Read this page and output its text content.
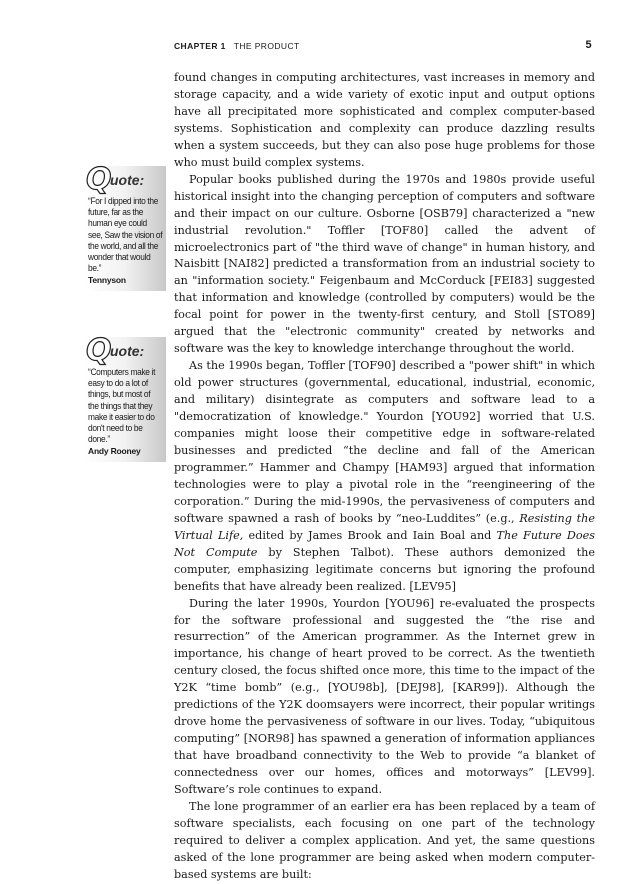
CHAPTER 1 THE PRODUCT	5
Q
uote:
“For I dipped into the future, far as the human eye could see, Saw the vision of the world, and all the wonder that would be.”
Tennyson
Q
uote:
“Computers make it easy to do a lot of things, but most of the things that they make it easier to do don't need to be done.”
Andy Rooney

found changes in computing architectures, vast increases in memory and storage capacity, and a wide variety of exotic input and output options have all precipitated more sophisticated and complex computer-based systems. Sophistication and complexity can produce dazzling results when a system succeeds, but they can also pose huge problems for those who must build complex systems.

Popular books published during the 1970s and 1980s provide useful historical insight into the changing perception of computers and software and their impact on our culture. Osborne [OSB79] characterized a "new industrial revolution." Toffler [TOF80] called the advent of microelectronics part of "the third wave of change" in human history, and Naisbitt [NAI82] predicted a transformation from an industrial society to an "information society." Feigenbaum and McCorduck [FEI83] suggested that information and knowledge (controlled by computers) would be the focal point for power in the twenty-first century, and Stoll [STO89] argued that the "electronic community" created by networks and software was the key to knowledge interchange throughout the world.

As the 1990s began, Toffler [TOF90] described a "power shift" in which old power structures (governmental, educational, industrial, economic, and military) disintegrate as computers and software lead to a "democratization of knowledge." Yourdon [YOU92] worried that U.S. companies might loose their competitive edge in software-related businesses and predicted “the decline and fall of the American programmer.” Hammer and Champy [HAM93] argued that information technologies were to play a pivotal role in the “reengineering of the corporation.” During the mid-1990s, the pervasiveness of computers and software spawned a rash of books by “neo-Luddites” (e.g., Resisting the Virtual Life, edited by James Brook and Iain Boal and The Future Does Not Compute by Stephen Talbot). These authors demonized the computer, emphasizing legitimate concerns but ignoring the profound benefits that have already been realized. [LEV95]

During the later 1990s, Yourdon [YOU96] re-evaluated the prospects for the software professional and suggested the “the rise and resurrection” of the American programmer. As the Internet grew in importance, his change of heart proved to be correct. As the twentieth century closed, the focus shifted once more, this time to the impact of the Y2K “time bomb” (e.g., [YOU98b], [DEJ98], [KAR99]). Although the predictions of the Y2K doomsayers were incorrect, their popular writings drove home the pervasiveness of software in our lives. Today, “ubiquitous computing” [NOR98] has spawned a generation of information appliances that have broadband connectivity to the Web to provide “a blanket of connectedness over our homes, offices and motorways” [LEV99]. Software’s role continues to expand.

The lone programmer of an earlier era has been replaced by a team of software specialists, each focusing on one part of the technology required to deliver a complex application. And yet, the same questions asked of the lone programmer are being asked when modern computer-based systems are built:
